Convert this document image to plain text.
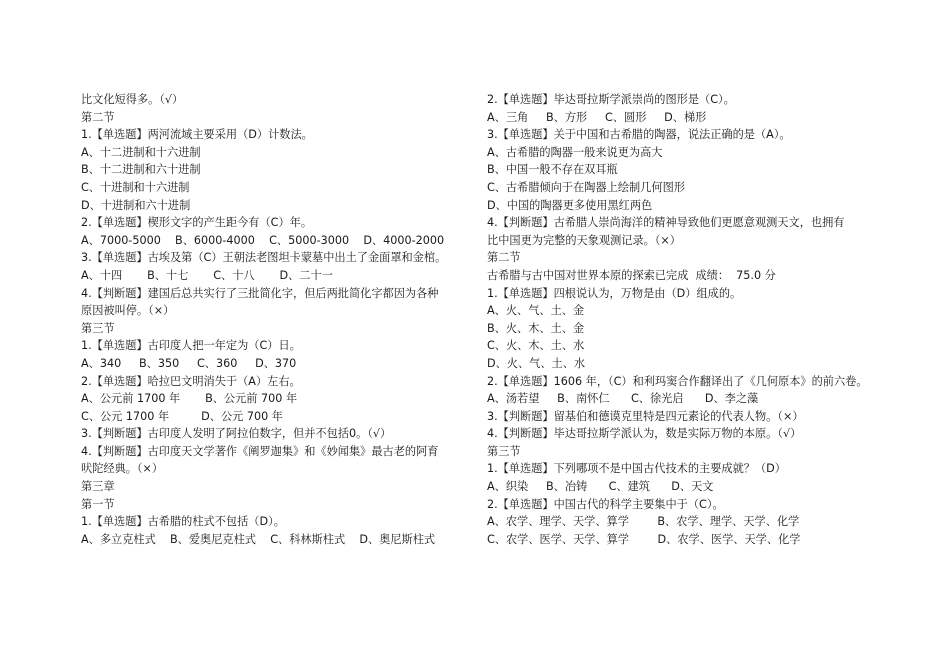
比文化短得多。（√）
第二节
1.【单选题】两河流域主要采用（D）计数法。
A、十二进制和十六进制
B、十二进制和六十进制
C、十进制和十六进制
D、十进制和六十进制
2.【单选题】楔形文字的产生距今有（C）年。
A、7000-5000    B、6000-4000    C、5000-3000    D、4000-2000
3.【单选题】古埃及第（C）王朝法老图坦卡蒙墓中出土了金面罩和金棺。
A、十四       B、十七       C、十八       D、二十一
4.【判断题】建国后总共实行了三批简化字，但后两批简化字都因为各种
原因被叫停。（×）
第三节
1.【单选题】古印度人把一年定为（C）日。
A、340     B、350     C、360     D、370
2.【单选题】哈拉巴文明消失于（A）左右。
A、公元前 1700 年       B、公元前 700 年
C、公元 1700 年         D、公元 700 年
3.【判断题】古印度人发明了阿拉伯数字，但并不包括0。（√）
4.【判断题】古印度天文学著作《阐罗迦集》和《妙闻集》最古老的阿育
吠陀经典。（×）
第三章
第一节
1.【单选题】古希腊的柱式不包括（D）。
A、多立克柱式    B、爱奥尼克柱式    C、科林斯柱式    D、奥尼斯柱式
2.【单选题】毕达哥拉斯学派崇尚的图形是（C）。
A、三角     B、方形     C、圆形     D、梯形
3.【单选题】关于中国和古希腊的陶器，说法正确的是（A）。
A、古希腊的陶器一般来说更为高大
B、中国一般不存在双耳瓶
C、古希腊倾向于在陶器上绘制几何图形
D、中国的陶器更多使用黑红两色
4.【判断题】古希腊人崇尚海洋的精神导致他们更愿意观测天文，也拥有
比中国更为完整的天象观测记录。（×）
第二节
古希腊与古中国对世界本原的探索已完成  成绩：  75.0 分
1.【单选题】四根说认为，万物是由（D）组成的。
A、火、气、土、金
B、火、木、土、金
C、火、木、土、水
D、火、气、土、水
2.【单选题】1606 年，（C）和利玛窦合作翻译出了《几何原本》的前六卷。
A、汤若望     B、南怀仁      C、徐光启      D、李之藻
3.【判断题】留基伯和德谟克里特是四元素论的代表人物。（×）
4.【判断题】毕达哥拉斯学派认为，数是实际万物的本原。（√）
第三节
1.【单选题】下列哪项不是中国古代技术的主要成就？（D）
A、织染     B、冶铸      C、建筑      D、天文
2.【单选题】中国古代的科学主要集中于（C）。
A、农学、理学、天学、算学        B、农学、理学、天学、化学
C、农学、医学、天学、算学        D、农学、医学、天学、化学
